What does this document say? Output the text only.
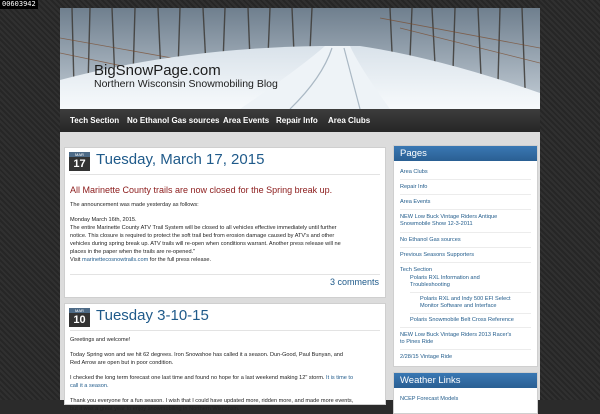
00603942
BigSnowPage.com
Northern Wisconsin Snowmobiling Blog
Tech Section No Ethanol Gas sources Area Events Repair Info Area Clubs
MAR
17 Tuesday, March 17, 2015
All Marinette County trails are now closed for the Spring break up.
The announcement was made yesterday as follows:
Monday March 16th, 2015.
The entire Marinette County ATV Trail System will be closed to all vehicles effective immediately until further
notice. This closure is required to protect the soft trail bed from erosion damage caused by ATV's and other
vehicles during spring break up. ATV trails will re-open when conditions warrant. Another press release will ne
places in the paper when the trails are re-opened."
Visit marinettecosnowtrails.com for the full press release.
3 comments
MAR
10 Tuesday 3-10-15
Greetings and welcome!
Today Spring won and we hit 62 degrees. Iron Snowshoe has called it a season. Dun-Good, Paul Bunyan, and
Red Arrow are open but in poor condition.
I checked the long term forecast one last time and found no hope for a last weekend making 12" storm. It is time to
call it a season.
Thank you everyone for a fun season. I wish that I could have updated more, ridden more, and made more events,
but it was a great year to enjoy snowmobiling in Northern Wisconsin.
Pages
Area Clubs
Repair Info
Area Events
NEW Low Buck Vintage Riders Antique
Snowmobile Show 12-3-2011
No Ethanol Gas sources
Previous Seasons Supporters
Tech Section
Polaris RXL Information and
Troubleshooting
Polaris RXL and Indy 500 EFI Select
Monitor Software and Interface
Polaris Snowmobile Belt Cross Reference
NEW Low Buck Vintage Riders 2013 Racer's
to Pines Ride
2/28/15 Vintage Ride
Weather Links
NCEP Forecast Models
